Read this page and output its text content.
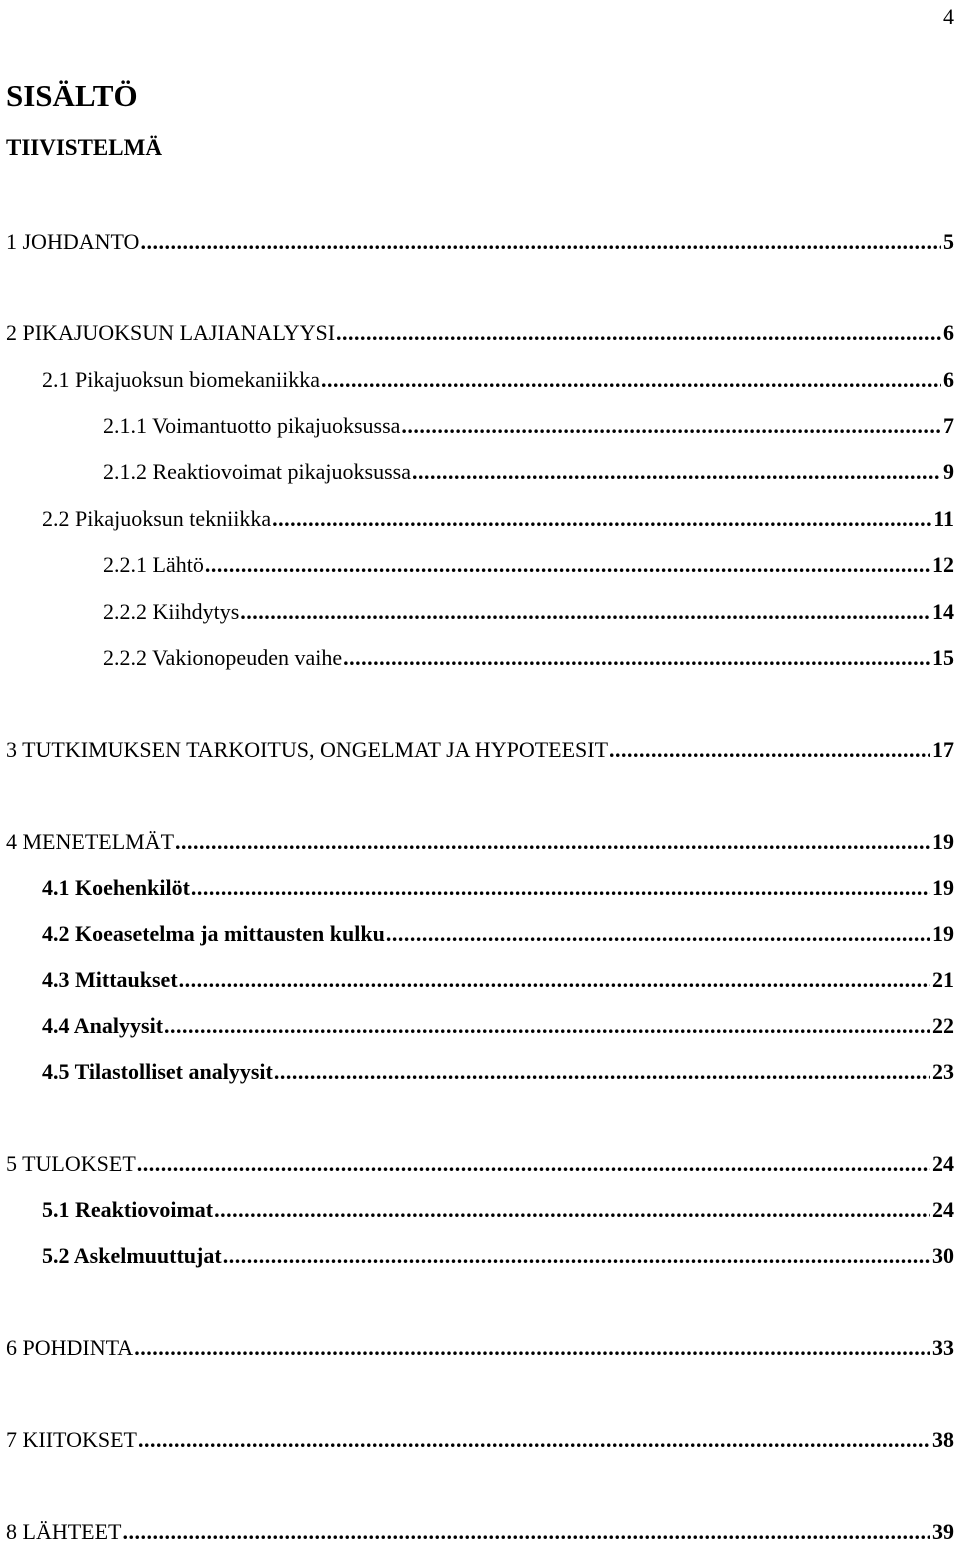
4
SISÄLTÖ
TIIVISTELMÄ
1 JOHDANTO .....	5
2 PIKAJUOKSUN LAJIANALYYSI .....	6
2.1 Pikajuoksun biomekaniikka .....	6
2.1.1 Voimantuotto pikajuoksussa .....	7
2.1.2 Reaktiovoimat pikajuoksussa .....	9
2.2 Pikajuoksun tekniikka .....	11
2.2.1 Lähtö .....	12
2.2.2 Kiihdytys .....	14
2.2.2 Vakionopeuden vaihe .....	15
3 TUTKIMUKSEN TARKOITUS, ONGELMAT JA HYPOTEESIT .....	17
4 MENETELMÄT .....	19
4.1 Koehenkilöt .....	19
4.2 Koeasetelma ja mittausten kulku .....	19
4.3 Mittaukset .....	21
4.4 Analyysit .....	22
4.5 Tilastolliset analyysit .....	23
5 TULOKSET .....	24
5.1 Reaktiovoimat .....	24
5.2 Askelmuuttujat .....	30
6 POHDINTA .....	33
7 KIITOKSET .....	38
8 LÄHTEET .....	39
